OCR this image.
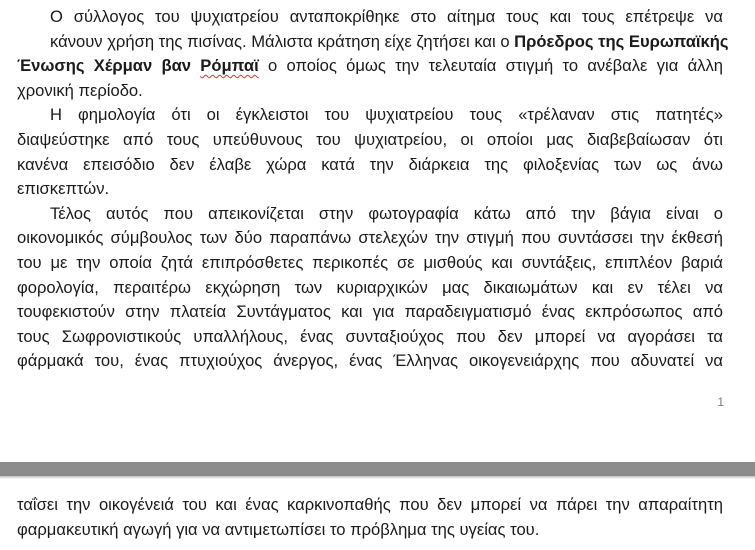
Ο σύλλογος του ψυχιατρείου ανταποκρίθηκε στο αίτημα τους και τους επέτρεψε να
κάνουν χρήση της πισίνας. Μάλιστα κράτηση είχε ζητήσει και ο Πρόεδρος της Ευρωπαϊκής
Ένωσης Χέρμαν βαν Ρόμπαϊ ο οποίος όμως την τελευταία στιγμή το ανέβαλε για άλλη
χρονική περίοδο.

Η φημολογία ότι οι έγκλειστοι του ψυχιατρείου τους «τρέλαναν στις πατητές»
διαψεύστηκε από τους υπεύθυνους του ψυχιατρείου, οι οποίοι μας διαβεβαίωσαν ότι
κανένα επεισόδιο δεν έλαβε χώρα κατά την διάρκεια της φιλοξενίας των ως άνω
επισκεπτών.

Τέλος αυτός που απεικονίζεται στην φωτογραφία κάτω από την βάγια είναι ο
οικονομικός σύμβουλος των δύο παραπάνω στελεχών την στιγμή που συντάσσει την έκθεσή
του με την οποία ζητά επιπρόσθετες περικοπές σε μισθούς και συντάξεις, επιπλέον βαριά
φορολογία, περαιτέρω εκχώρηση των κυριαρχικών μας δικαιωμάτων και εν τέλει να
τουφεκιστούν στην πλατεία Συντάγματος και για παραδειγματισμό ένας εκπρόσωπος από
τους Σωφρονιστικούς υπαλλήλους, ένας συνταξιούχος που δεν μπορεί να αγοράσει τα
φάρμακά του, ένας πτυχιούχος άνεργος, ένας Έλληνας οικογενειάρχης που αδυνατεί να

1
ταΐσει την οικογένειά του και ένας καρκινοπαθής που δεν μπορεί να πάρει την απαραίτητη
φαρμακευτική αγωγή για να αντιμετωπίσει το πρόβλημα της υγείας του.
